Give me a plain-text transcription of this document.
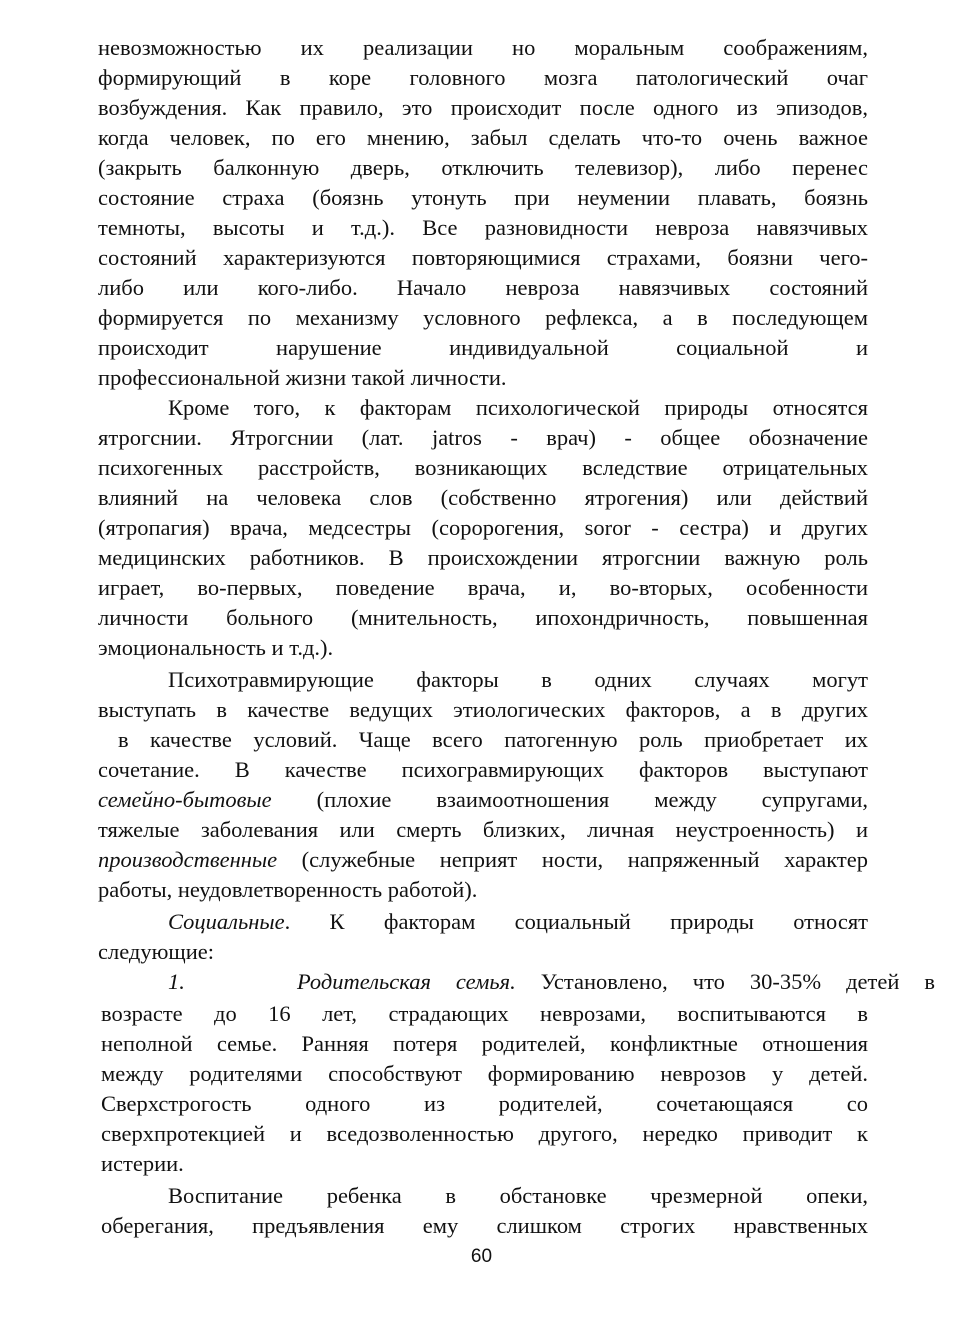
невозможностью их реализации но моральным соображениям,
формирующий в коре головного мозга патологический очаг
возбуждения. Как правило, это происходит после одного из эпизодов,
когда человек, по его мнению, забыл сделать что-то очень важное
(закрыть балконную дверь, отключить телевизор), либо перенес
состояние страха (боязнь утонуть при неумении плавать, боязнь
темноты, высоты и т.д.). Все разновидности невроза навязчивых
состояний характеризуются повторяющимися страхами, боязни чего-
либо или кого-либо. Начало невроза навязчивых состояний
формируется по механизму условного рефлекса, а в последующем
происходит нарушение индивидуальной социальной и
профессиональной жизни такой личности.
Кроме того, к факторам психологической природы относятся
ятрогснии. Ятрогснии (лат. jatros - врач) - общее обозначение
психогенных расстройств, возникающих вследствие отрицательных
влияний на человека слов (собственно ятрогения) или действий
(ятропагия) врача, медсестры (соророгения, soror - сестра) и других
медицинских работников. В происхождении ятрогснии важную роль
играет, во-первых, поведение врача, и, во-вторых, особенности
личности больного (мнительность, ипохондричность, повышенная
эмоциональность и т.д.).
Психотравмирующие факторы в одних случаях могут
выступать в качестве ведущих этиологических факторов, а в других
в качестве условий. Чаще всего патогенную роль приобретает их
сочетание. В качестве психогравмирующих факторов выступают
семейно-бытовые (плохие взаимоотношения между супругами,
тяжелые заболевания или смерть близких, личная неустроенность) и
производственные (служебные неприят ности, напряженный характер
работы, неудовлетворенность работой).
Социальные. К факторам социальный природы относят
следующие:
1.	Родительская семья. Установлено, что 30-35% детей в
возрасте до 16 лет, страдающих неврозами, воспитываются в
неполной семье. Ранняя потеря родителей, конфликтные отношения
между родителями способствуют формированию неврозов у детей.
Сверхстрогость одного из родителей, сочетающаяся со
сверхпротекцией и вседозволенностью другого, нередко приводит к
истерии.
Воспитание ребенка в обстановке чрезмерной опеки,
оберегания, предъявления ему слишком строгих нравственных
60
